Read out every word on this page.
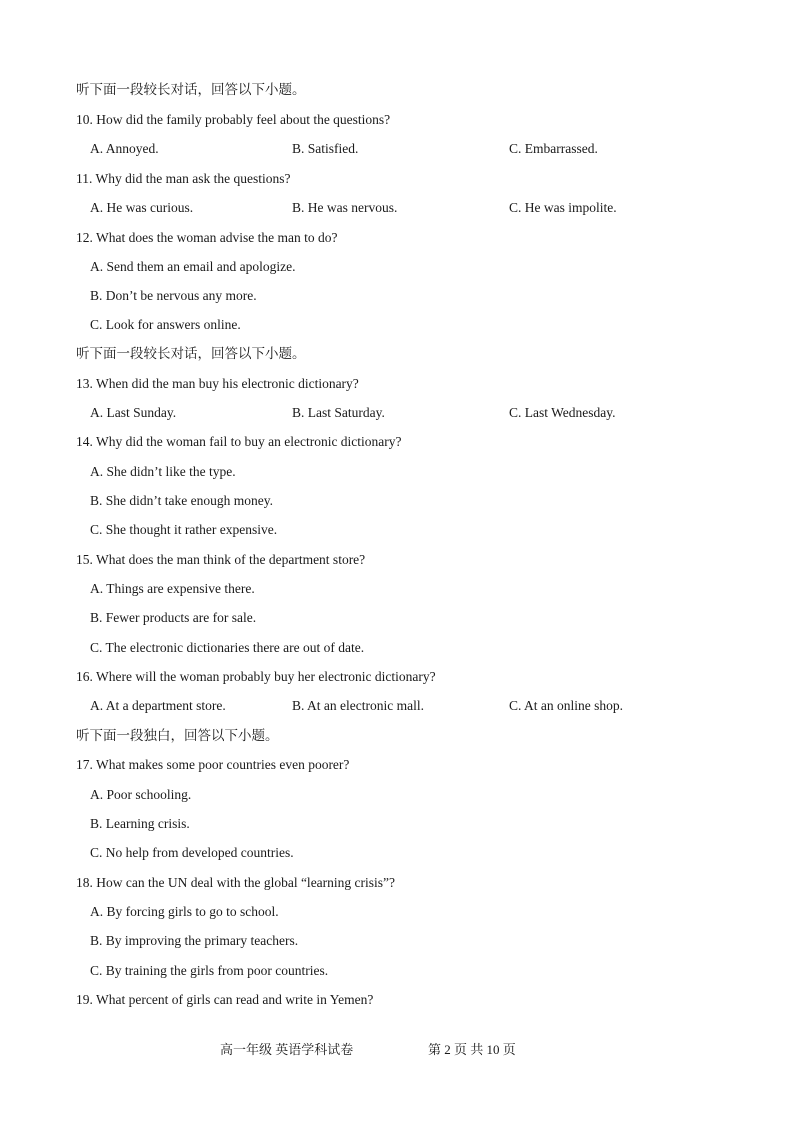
听下面一段较长对话，回答以下小题。
10. How did the family probably feel about the questions?
A. Annoyed.	B. Satisfied.	C. Embarrassed.
11. Why did the man ask the questions?
A. He was curious.	B. He was nervous.	C. He was impolite.
12. What does the woman advise the man to do?
A. Send them an email and apologize.
B. Don’t be nervous any more.
C. Look for answers online.
听下面一段较长对话，回答以下小题。
13. When did the man buy his electronic dictionary?
A. Last Sunday.	B. Last Saturday.	C. Last Wednesday.
14. Why did the woman fail to buy an electronic dictionary?
A. She didn’t like the type.
B. She didn’t take enough money.
C. She thought it rather expensive.
15. What does the man think of the department store?
A. Things are expensive there.
B. Fewer products are for sale.
C. The electronic dictionaries there are out of date.
16. Where will the woman probably buy her electronic dictionary?
A. At a department store.	B. At an electronic mall.	C. At an online shop.
听下面一段独白，回答以下小题。
17. What makes some poor countries even poorer?
A. Poor schooling.
B. Learning crisis.
C. No help from developed countries.
18. How can the UN deal with the global “learning crisis”?
A. By forcing girls to go to school.
B. By improving the primary teachers.
C. By training the girls from poor countries.
19. What percent of girls can read and write in Yemen?
高一年级 英语学科试卷	第 2 页 共 10 页
